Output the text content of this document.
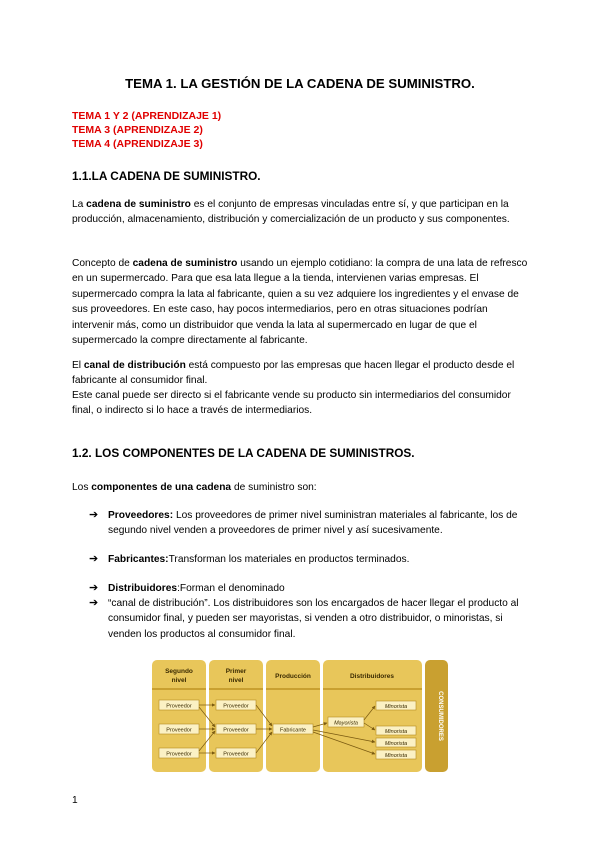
TEMA 1. LA GESTIÓN DE LA CADENA DE SUMINISTRO.
TEMA 1 Y 2 (APRENDIZAJE 1)
TEMA 3 (APRENDIZAJE 2)
TEMA 4 (APRENDIZAJE 3)
1.1.LA CADENA DE SUMINISTRO.
La cadena de suministro es el conjunto de empresas vinculadas entre sí, y que participan en la producción, almacenamiento, distribución y comercialización de un producto y sus componentes.
Concepto de cadena de suministro usando un ejemplo cotidiano: la compra de una lata de refresco en un supermercado. Para que esa lata llegue a la tienda, intervienen varias empresas. El supermercado compra la lata al fabricante, quien a su vez adquiere los ingredientes y el envase de sus proveedores. En este caso, hay pocos intermediarios, pero en otras situaciones podrían intervenir más, como un distribuidor que venda la lata al supermercado en lugar de que el supermercado la compre directamente al fabricante.
El canal de distribución está compuesto por las empresas que hacen llegar el producto desde el fabricante al consumidor final.
Este canal puede ser directo si el fabricante vende su producto sin intermediarios del consumidor final, o indirecto si lo hace a través de intermediarios.
1.2. LOS COMPONENTES DE LA CADENA DE SUMINISTROS.
Los componentes de una cadena de suministro son:
➔ Proveedores: Los proveedores de primer nivel suministran materiales al fabricante, los de segundo nivel venden a proveedores de primer nivel y así sucesivamente.
➔ Fabricantes:Transforman los materiales en productos terminados.
➔ Distribuidores:Forman el denominado
➔ “canal de distribución”. Los distribuidores son los encargados de hacer llegar el producto al consumidor final, y pueden ser mayoristas, si venden a otro distribuidor, o minoristas, si venden los productos al consumidor final.
Segundo
nivel
Primer
nivel
Producción	Distribuidores
CONSUMIDORES
Proveedor
Proveedor
Proveedor
Proveedor
Proveedor
Proveedor
Fabricante
Mayorista
Minorista
Minorista
Minorista
Minorista
1
